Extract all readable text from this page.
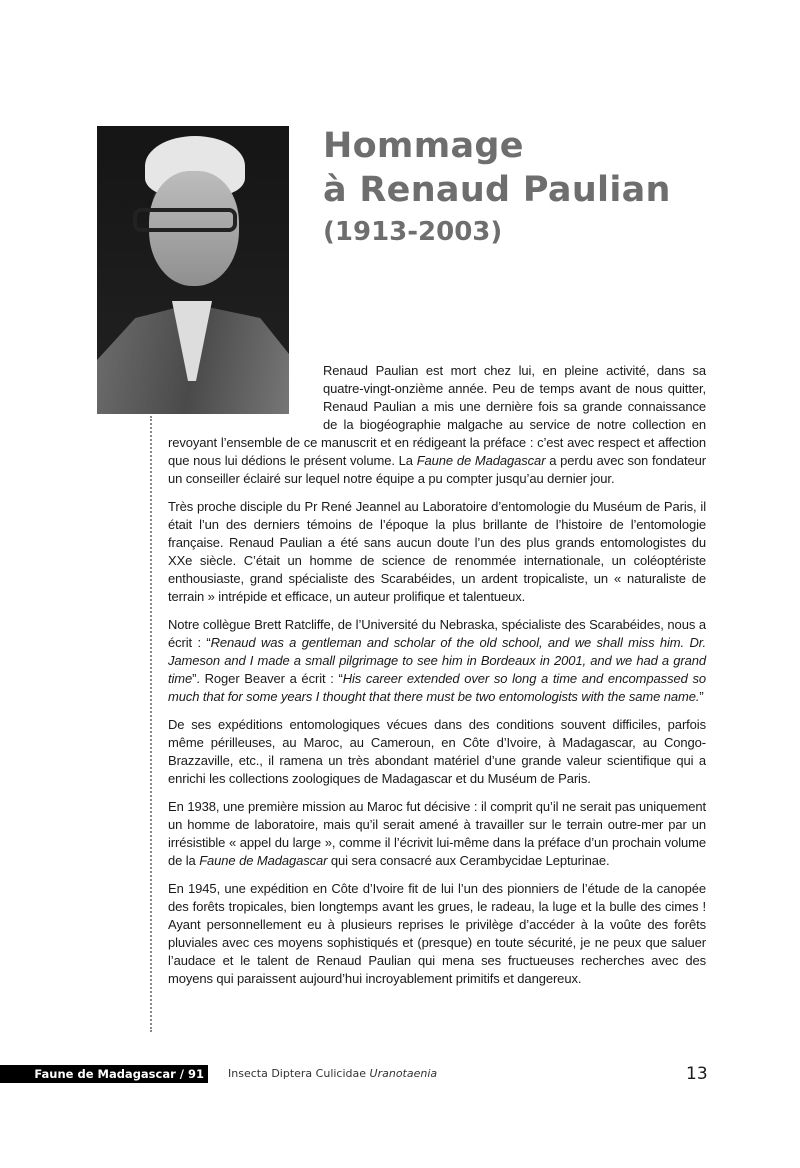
Hommage
à Renaud Paulian
(1913-2003)

Renaud Paulian est mort chez lui, en pleine activité, dans sa quatre-vingt-onzième année. Peu de temps avant de nous quitter, Renaud Paulian a mis une dernière fois sa grande connaissance de la biogéographie malgache au service de notre collection en revoyant l’ensemble de ce manuscrit et en rédigeant la préface : c’est avec respect et affection que nous lui dédions le présent volume. La Faune de Madagascar a perdu avec son fondateur un conseiller éclairé sur lequel notre équipe a pu compter jusqu’au dernier jour.

Très proche disciple du Pr René Jeannel au Laboratoire d’entomologie du Muséum de Paris, il était l’un des derniers témoins de l’époque la plus brillante de l’histoire de l’entomologie française. Renaud Paulian a été sans aucun doute l’un des plus grands entomologistes du XXe siècle. C’était un homme de science de renommée internationale, un coléoptériste enthousiaste, grand spécialiste des Scarabéides, un ardent tropicaliste, un « naturaliste de terrain » intrépide et efficace, un auteur prolifique et talentueux.

Notre collègue Brett Ratcliffe, de l’Université du Nebraska, spécialiste des Scarabéides, nous a écrit : “Renaud was a gentleman and scholar of the old school, and we shall miss him. Dr. Jameson and I made a small pilgrimage to see him in Bordeaux in 2001, and we had a grand time”. Roger Beaver a écrit : “His career extended over so long a time and encompassed so much that for some years I thought that there must be two entomologists with the same name.”

De ses expéditions entomologiques vécues dans des conditions souvent difficiles, parfois même périlleuses, au Maroc, au Cameroun, en Côte d’Ivoire, à Madagascar, au Congo-Brazzaville, etc., il ramena un très abondant matériel d’une grande valeur scientifique qui a enrichi les collections zoologiques de Madagascar et du Muséum de Paris.

En 1938, une première mission au Maroc fut décisive : il comprit qu’il ne serait pas uniquement un homme de laboratoire, mais qu’il serait amené à travailler sur le terrain outre-mer par un irrésistible « appel du large », comme il l’écrivit lui-même dans la préface d’un prochain volume de la Faune de Madagascar qui sera consacré aux Cerambycidae Lepturinae.

En 1945, une expédition en Côte d’Ivoire fit de lui l’un des pionniers de l’étude de la canopée des forêts tropicales, bien longtemps avant les grues, le radeau, la luge et la bulle des cimes ! Ayant personnellement eu à plusieurs reprises le privilège d’accéder à la voûte des forêts pluviales avec ces moyens sophistiqués et (presque) en toute sécurité, je ne peux que saluer l’audace et le talent de Renaud Paulian qui mena ses fructueuses recherches avec des moyens qui paraissent aujourd’hui incroyablement primitifs et dangereux.

Faune de Madagascar / 91	Insecta Diptera Culicidae Uranotaenia	13
